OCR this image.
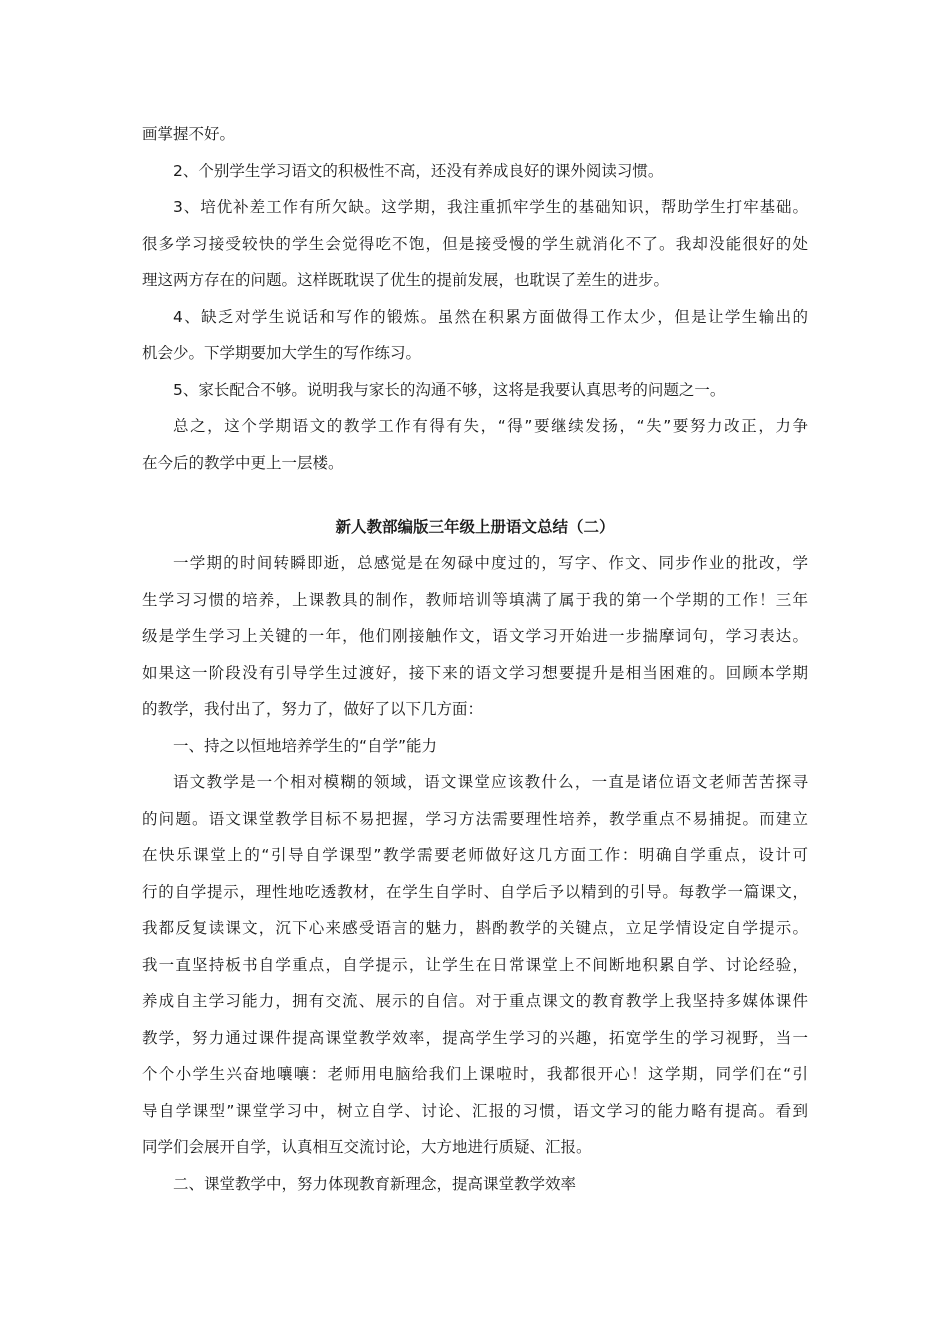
画掌握不好。
2、个别学生学习语文的积极性不高，还没有养成良好的课外阅读习惯。
3、培优补差工作有所欠缺。这学期，我注重抓牢学生的基础知识，帮助学生打牢基础。
很多学习接受较快的学生会觉得吃不饱，但是接受慢的学生就消化不了。我却没能很好的处
理这两方存在的问题。这样既耽误了优生的提前发展，也耽误了差生的进步。
4、缺乏对学生说话和写作的锻炼。虽然在积累方面做得工作太少，但是让学生输出的
机会少。下学期要加大学生的写作练习。
5、家长配合不够。说明我与家长的沟通不够，这将是我要认真思考的问题之一。
总之，这个学期语文的教学工作有得有失，“得”要继续发扬，“失”要努力改正，力争
在今后的教学中更上一层楼。
新人教部编版三年级上册语文总结（二）
一学期的时间转瞬即逝，总感觉是在匆碌中度过的，写字、作文、同步作业的批改，学
生学习习惯的培养，上课教具的制作，教师培训等填满了属于我的第一个学期的工作！三年
级是学生学习上关键的一年，他们刚接触作文，语文学习开始进一步揣摩词句，学习表达。
如果这一阶段没有引导学生过渡好，接下来的语文学习想要提升是相当困难的。回顾本学期
的教学，我付出了，努力了，做好了以下几方面：
一、持之以恒地培养学生的“自学”能力
语文教学是一个相对模糊的领域，语文课堂应该教什么，一直是诸位语文老师苦苦探寻
的问题。语文课堂教学目标不易把握，学习方法需要理性培养，教学重点不易捕捉。而建立
在快乐课堂上的“引导自学课型”教学需要老师做好这几方面工作：明确自学重点，设计可
行的自学提示，理性地吃透教材，在学生自学时、自学后予以精到的引导。每教学一篇课文，
我都反复读课文，沉下心来感受语言的魅力，斟酌教学的关键点，立足学情设定自学提示。
我一直坚持板书自学重点，自学提示，让学生在日常课堂上不间断地积累自学、讨论经验，
养成自主学习能力，拥有交流、展示的自信。对于重点课文的教育教学上我坚持多媒体课件
教学，努力通过课件提高课堂教学效率，提高学生学习的兴趣，拓宽学生的学习视野，当一
个个小学生兴奋地嚷嚷：老师用电脑给我们上课啦时，我都很开心！这学期，同学们在“引
导自学课型”课堂学习中，树立自学、讨论、汇报的习惯，语文学习的能力略有提高。看到
同学们会展开自学，认真相互交流讨论，大方地进行质疑、汇报。
二、课堂教学中，努力体现教育新理念，提高课堂教学效率
